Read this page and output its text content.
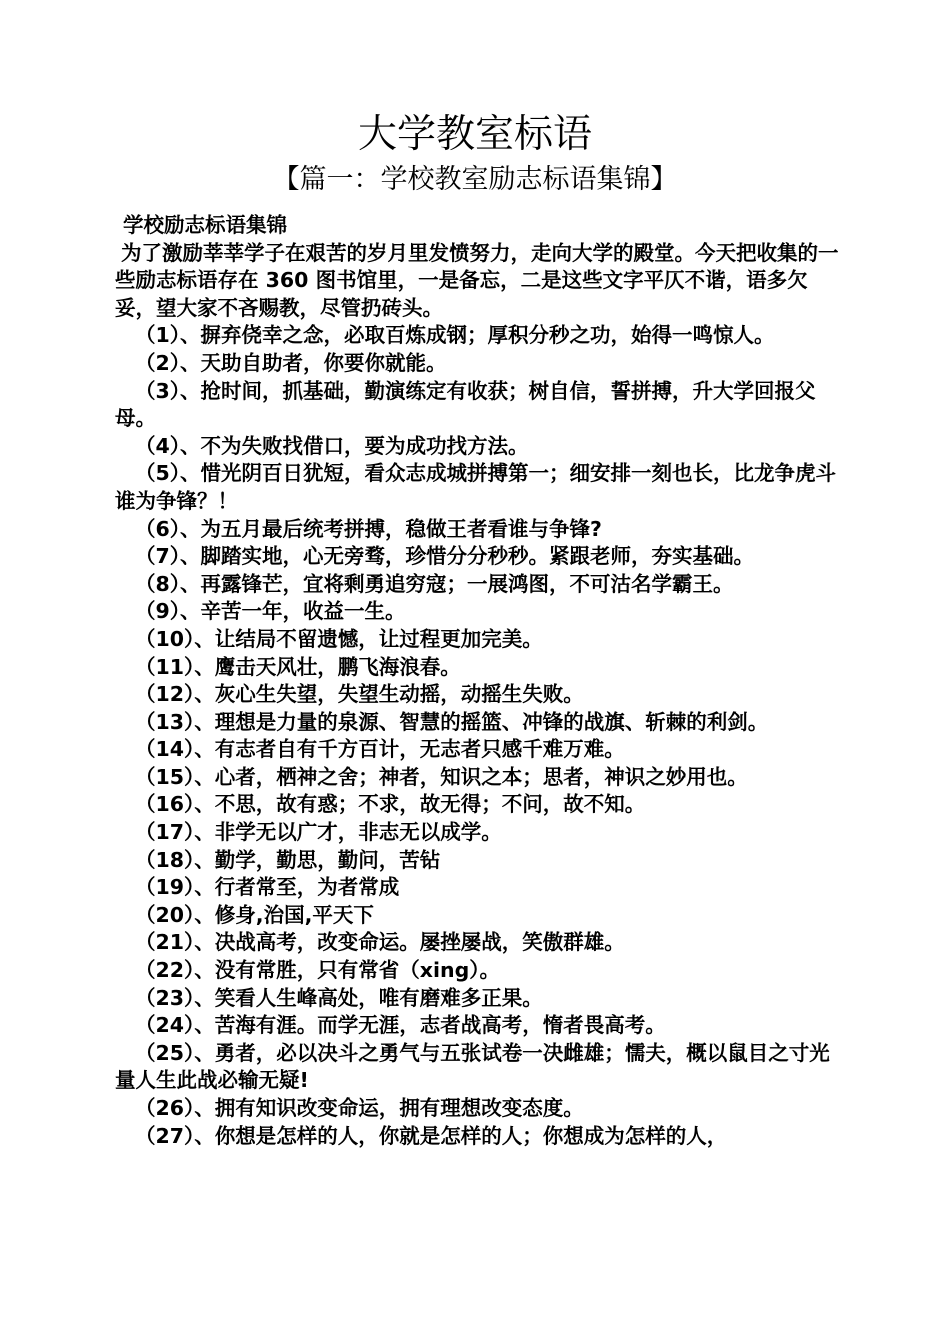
大学教室标语
【篇一：学校教室励志标语集锦】

学校励志标语集锦

为了激励莘莘学子在艰苦的岁月里发愤努力，走向大学的殿堂。今天把收集的一些励志标语存在 360 图书馆里，一是备忘，二是这些文字平仄不谐，语多欠妥，望大家不吝赐教，尽管扔砖头。

（1）、摒弃侥幸之念，必取百炼成钢；厚积分秒之功，始得一鸣惊人。

（2）、天助自助者，你要你就能。

（3）、抢时间，抓基础，勤演练定有收获；树自信，誓拼搏，升大学回报父母。

（4）、不为失败找借口，要为成功找方法。

（5）、惜光阴百日犹短，看众志成城拼搏第一；细安排一刻也长，比龙争虎斗谁为争锋？！

（6）、为五月最后统考拼搏，稳做王者看谁与争锋?

（7）、脚踏实地，心无旁骛，珍惜分分秒秒。紧跟老师，夯实基础。

（8）、再露锋芒，宜将剩勇追穷寇；一展鸿图，不可沽名学霸王。

（9）、辛苦一年，收益一生。

（10）、让结局不留遗憾，让过程更加完美。

（11）、鹰击天风壮，鹏飞海浪春。

（12）、灰心生失望，失望生动摇，动摇生失败。

（13）、理想是力量的泉源、智慧的摇篮、冲锋的战旗、斩棘的利剑。

（14）、有志者自有千方百计，无志者只感千难万难。

（15）、心者，栖神之舍；神者，知识之本；思者，神识之妙用也。

（16）、不思，故有惑；不求，故无得；不问，故不知。

（17）、非学无以广才，非志无以成学。

（18）、勤学，勤思，勤问，苦钻

（19）、行者常至，为者常成

（20）、修身,治国,平天下

（21）、决战高考，改变命运。屡挫屡战，笑傲群雄。

（22）、没有常胜，只有常省（xing）。

（23）、笑看人生峰高处，唯有磨难多正果。

（24）、苦海有涯。而学无涯，志者战高考，惰者畏高考。

（25）、勇者，必以决斗之勇气与五张试卷一决雌雄；懦夫，概以鼠目之寸光量人生此战必输无疑!

（26）、拥有知识改变命运，拥有理想改变态度。

（27）、你想是怎样的人，你就是怎样的人；你想成为怎样的人，
